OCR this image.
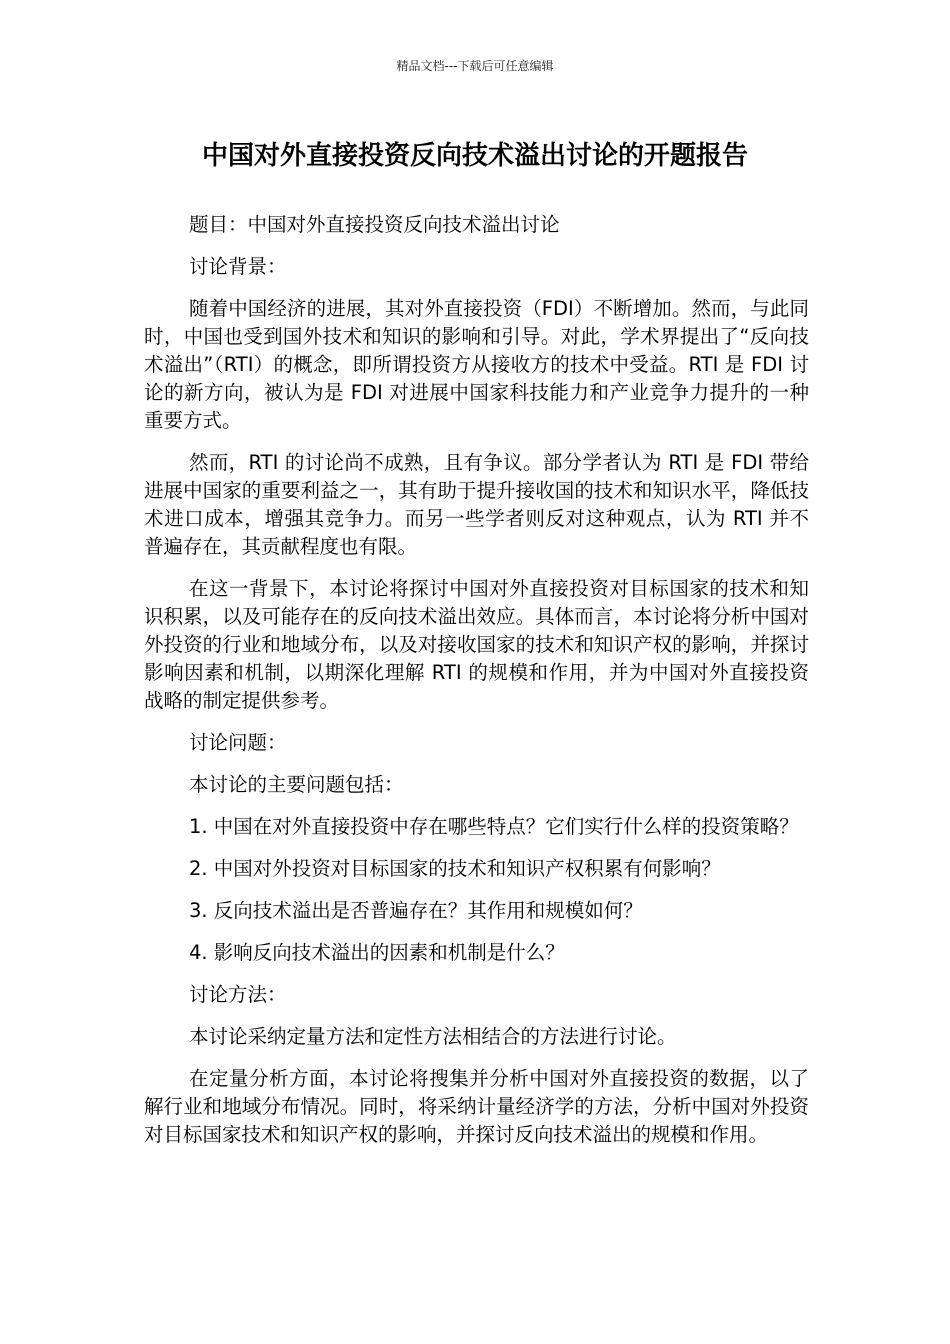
精品文档---下载后可任意编辑
中国对外直接投资反向技术溢出讨论的开题报告

题目：中国对外直接投资反向技术溢出讨论

讨论背景：

随着中国经济的进展，其对外直接投资（FDI）不断增加。然而，与此同时，中国也受到国外技术和知识的影响和引导。对此，学术界提出了“反向技术溢出”（RTI）的概念，即所谓投资方从接收方的技术中受益。RTI 是 FDI 讨论的新方向，被认为是 FDI 对进展中国家科技能力和产业竞争力提升的一种重要方式。

然而，RTI 的讨论尚不成熟，且有争议。部分学者认为 RTI 是 FDI 带给进展中国家的重要利益之一，其有助于提升接收国的技术和知识水平，降低技术进口成本，增强其竞争力。而另一些学者则反对这种观点，认为 RTI 并不普遍存在，其贡献程度也有限。

在这一背景下，本讨论将探讨中国对外直接投资对目标国家的技术和知识积累，以及可能存在的反向技术溢出效应。具体而言，本讨论将分析中国对外投资的行业和地域分布，以及对接收国家的技术和知识产权的影响，并探讨影响因素和机制，以期深化理解 RTI 的规模和作用，并为中国对外直接投资战略的制定提供参考。

讨论问题：

本讨论的主要问题包括：

1. 中国在对外直接投资中存在哪些特点？它们实行什么样的投资策略？

2. 中国对外投资对目标国家的技术和知识产权积累有何影响？

3. 反向技术溢出是否普遍存在？其作用和规模如何？

4. 影响反向技术溢出的因素和机制是什么？

讨论方法：

本讨论采纳定量方法和定性方法相结合的方法进行讨论。

在定量分析方面，本讨论将搜集并分析中国对外直接投资的数据，以了解行业和地域分布情况。同时，将采纳计量经济学的方法，分析中国对外投资对目标国家技术和知识产权的影响，并探讨反向技术溢出的规模和作用。
